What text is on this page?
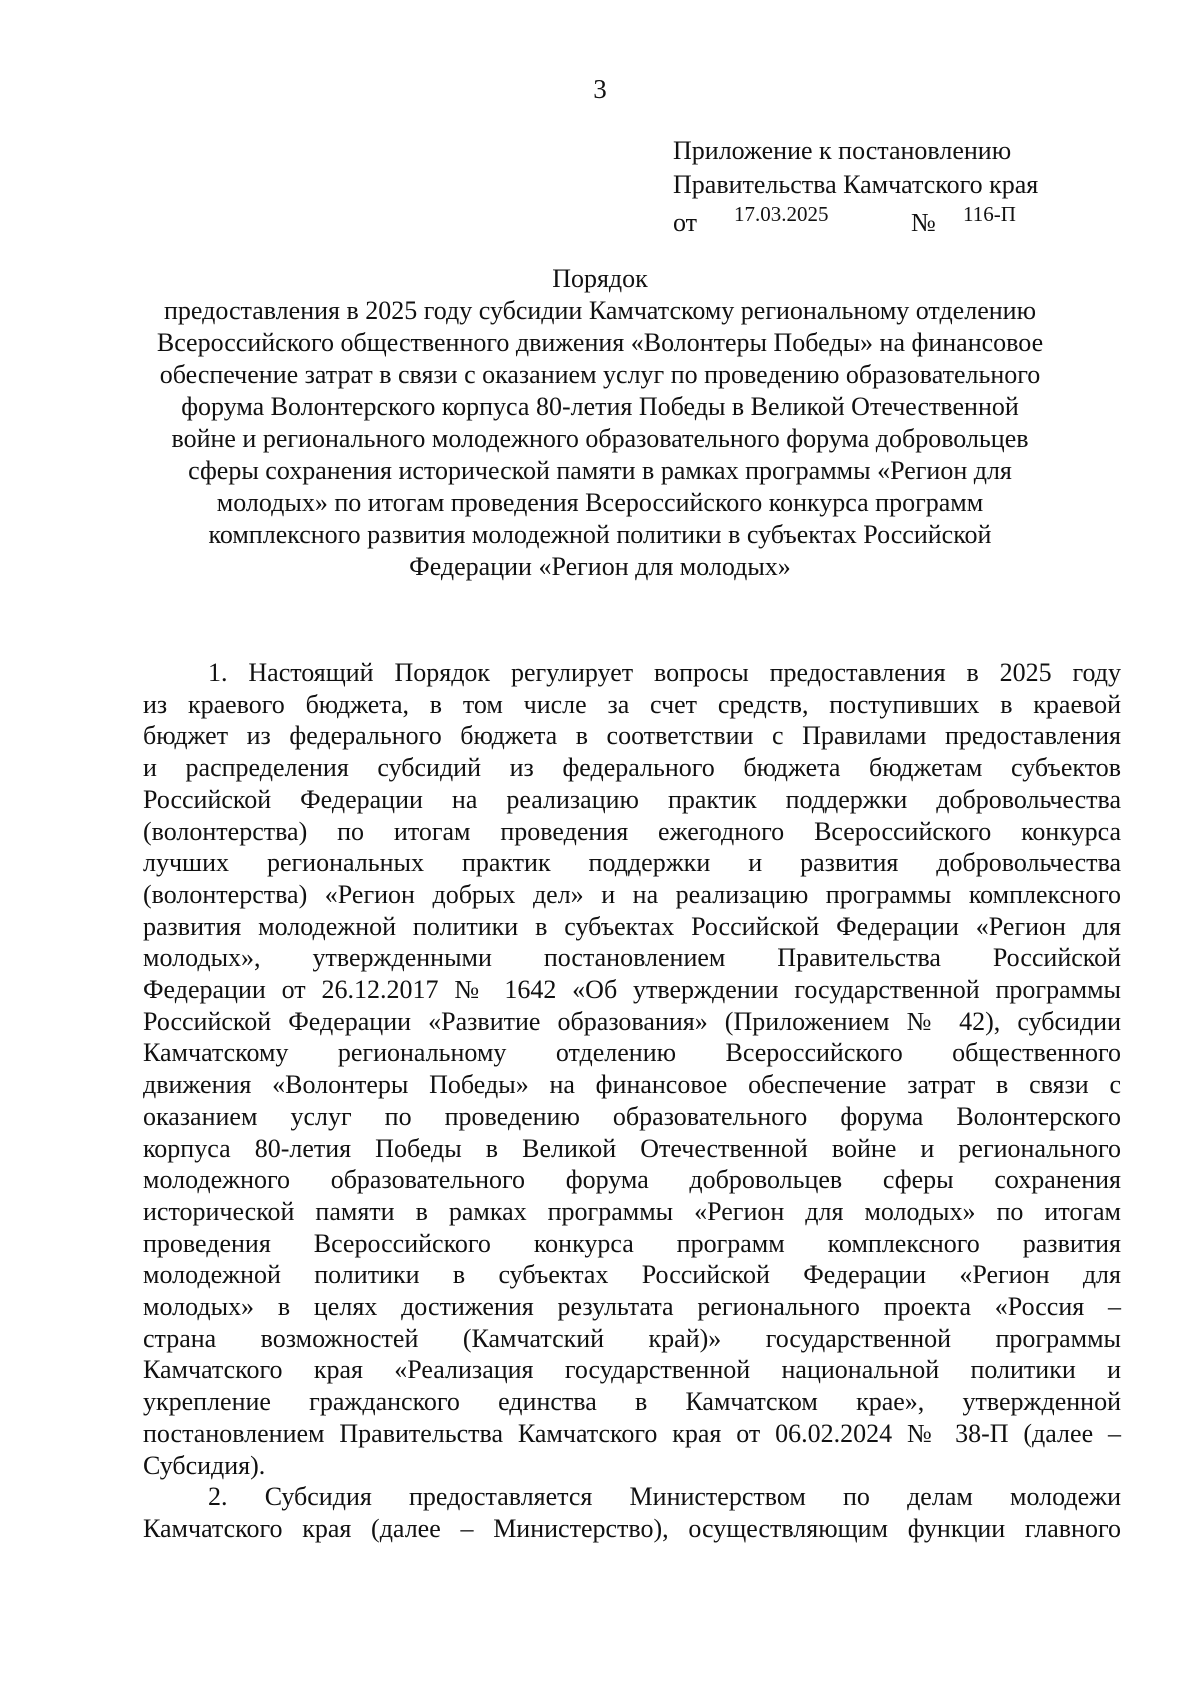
3
Приложение к постановлению
Правительства Камчатского края
от 17.03.2025	№ 116-П
Порядок
предоставления в 2025 году субсидии Камчатскому региональному отделению
Всероссийского общественного движения «Волонтеры Победы» на финансовое
обеспечение затрат в связи с оказанием услуг по проведению образовательного
форума Волонтерского корпуса 80-летия Победы в Великой Отечественной
войне и регионального молодежного образовательного форума добровольцев
сферы сохранения исторической памяти в рамках программы «Регион для
молодых» по итогам проведения Всероссийского конкурса программ
комплексного развития молодежной политики в субъектах Российской
Федерации «Регион для молодых»
1. Настоящий Порядок регулирует вопросы предоставления в 2025 году
из краевого бюджета, в том числе за счет средств, поступивших в краевой
бюджет из федерального бюджета в соответствии с Правилами предоставления
и распределения субсидий из федерального бюджета бюджетам субъектов
Российской Федерации на реализацию практик поддержки добровольчества
(волонтерства) по итогам проведения ежегодного Всероссийского конкурса
лучших региональных практик поддержки и развития добровольчества
(волонтерства) «Регион добрых дел» и на реализацию программы комплексного
развития молодежной политики в субъектах Российской Федерации «Регион для
молодых», утвержденными постановлением Правительства Российской
Федерации от 26.12.2017 № 1642 «Об утверждении государственной программы
Российской Федерации «Развитие образования» (Приложением № 42), субсидии
Камчатскому региональному отделению Всероссийского общественного
движения «Волонтеры Победы» на финансовое обеспечение затрат в связи с
оказанием услуг по проведению образовательного форума Волонтерского
корпуса 80-летия Победы в Великой Отечественной войне и регионального
молодежного образовательного форума добровольцев сферы сохранения
исторической памяти в рамках программы «Регион для молодых» по итогам
проведения Всероссийского конкурса программ комплексного развития
молодежной политики в субъектах Российской Федерации «Регион для
молодых» в целях достижения результата регионального проекта «Россия –
страна возможностей (Камчатский край)» государственной программы
Камчатского края «Реализация государственной национальной политики и
укрепление гражданского единства в Камчатском крае», утвержденной
постановлением Правительства Камчатского края от 06.02.2024 № 38-П (далее –
Субсидия).
2. Субсидия предоставляется Министерством по делам молодежи
Камчатского края (далее – Министерство), осуществляющим функции главного
